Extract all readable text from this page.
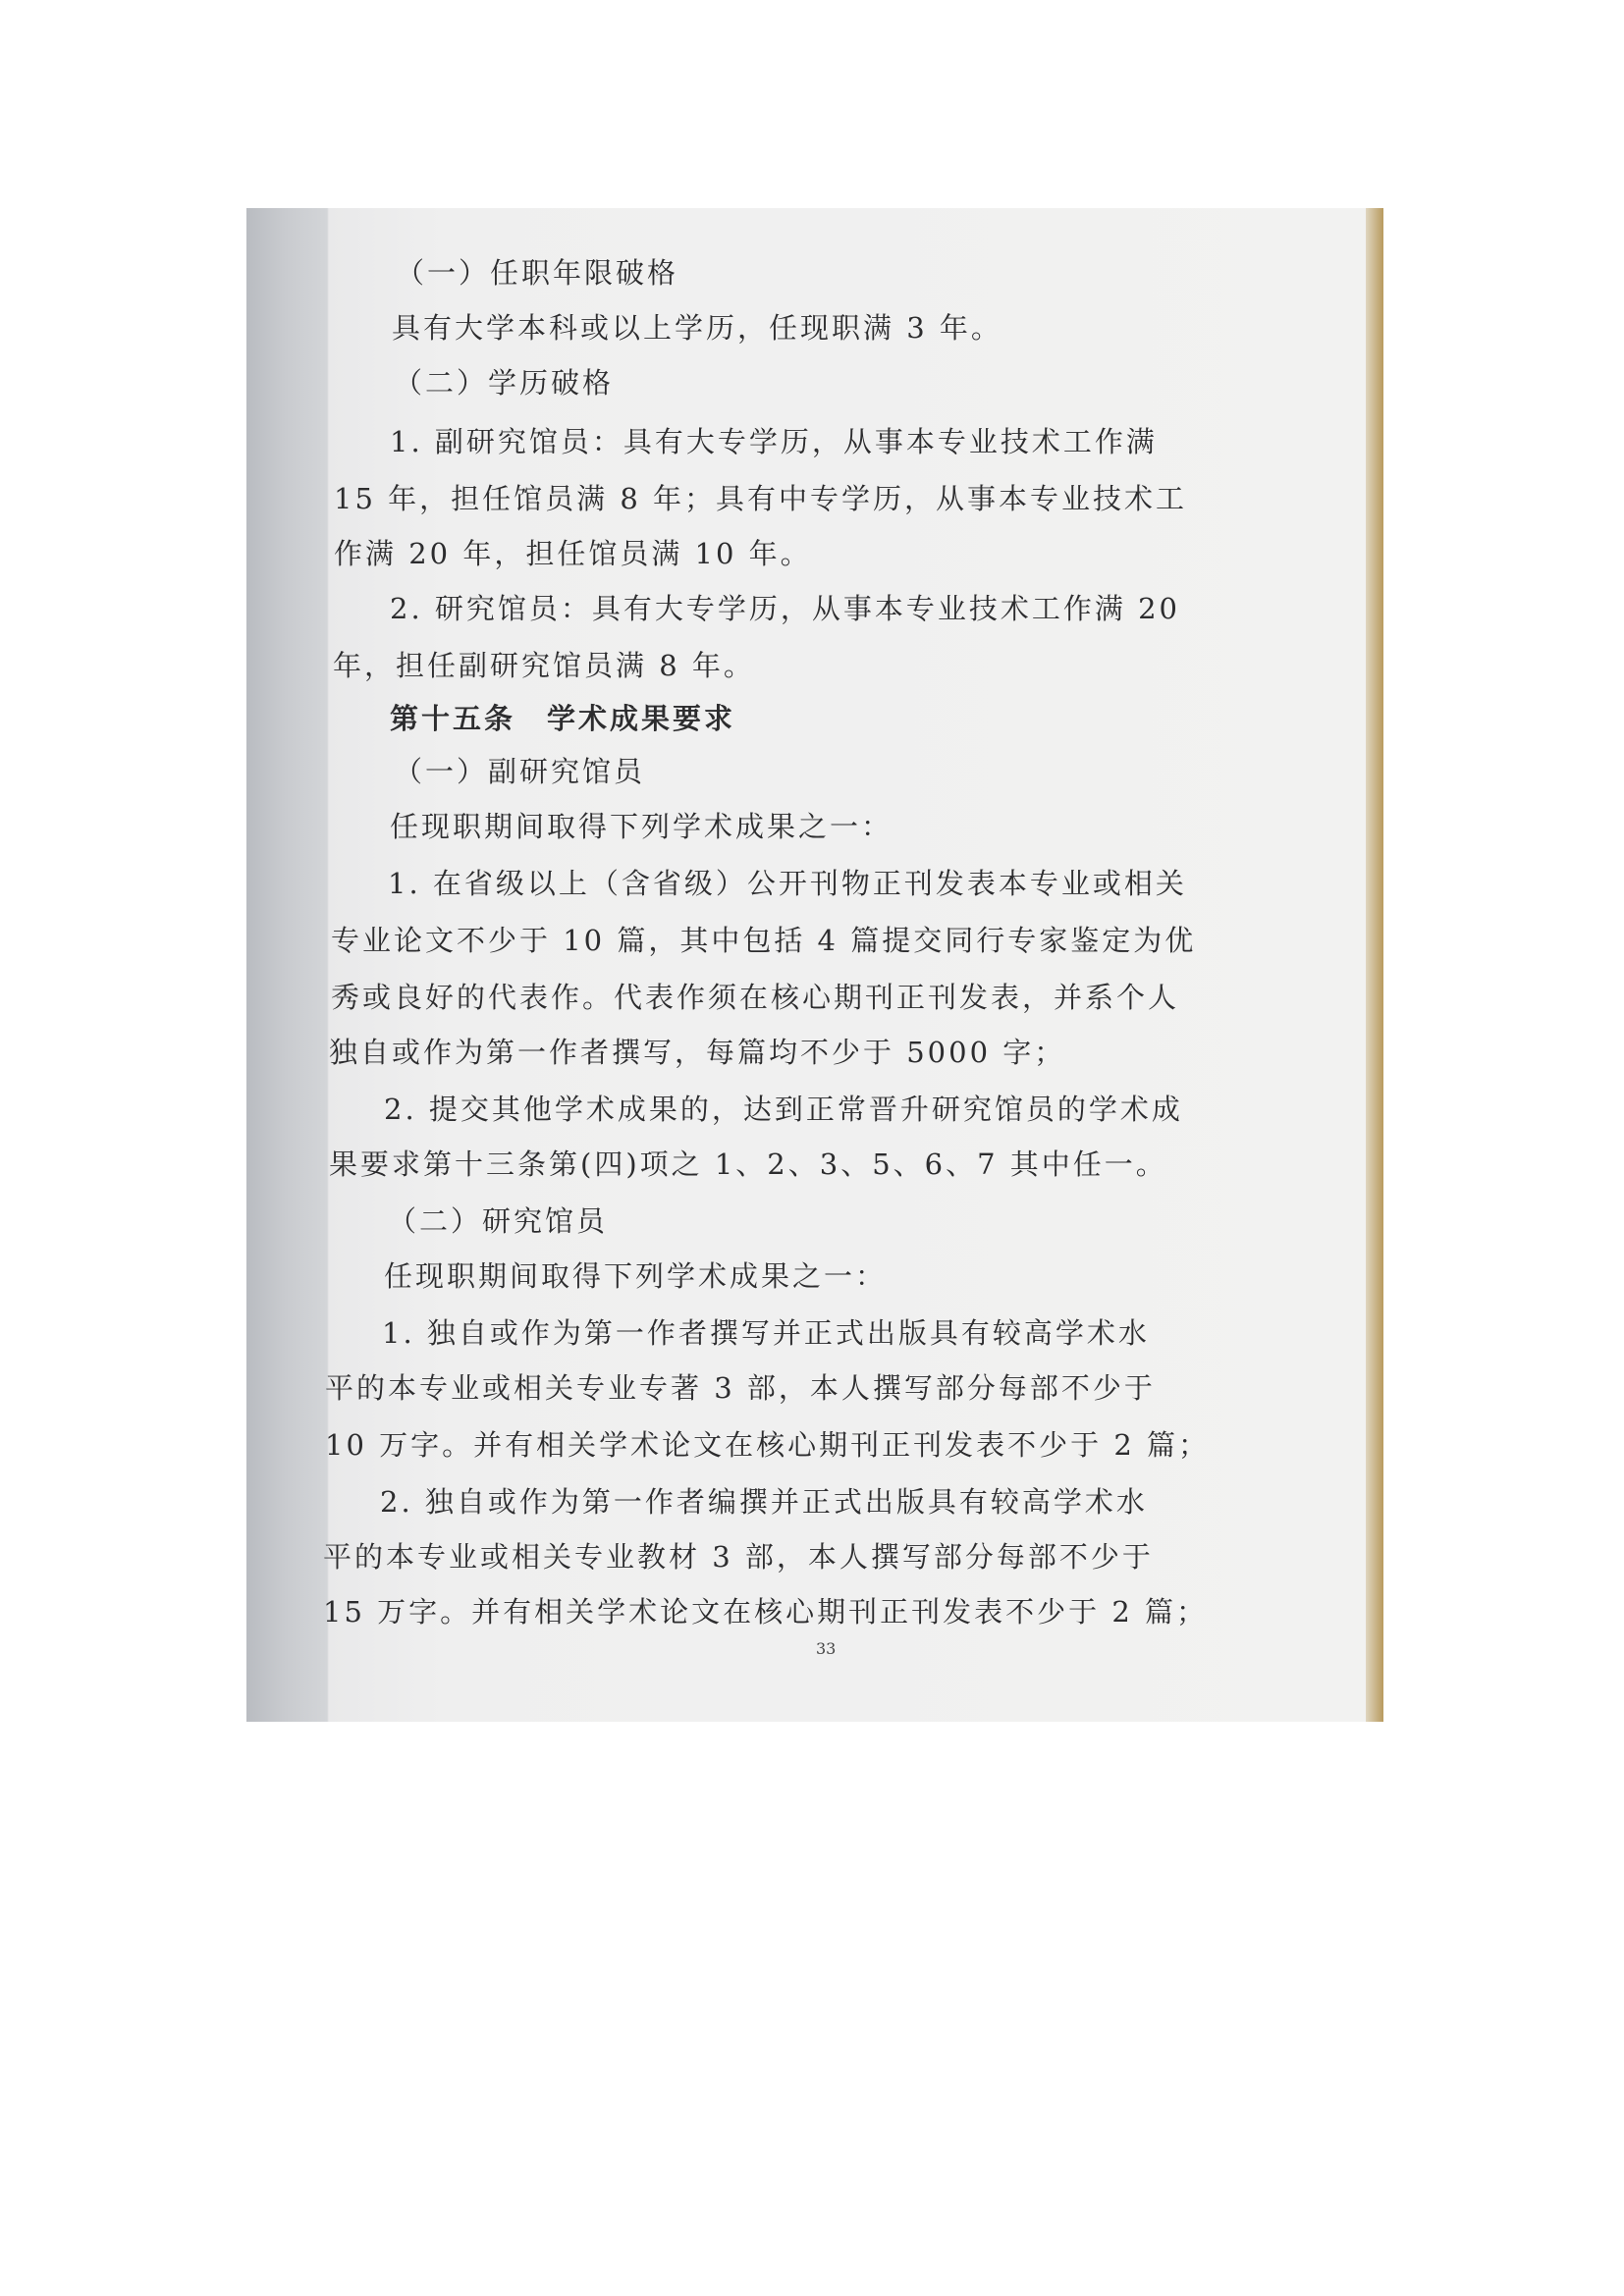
（一）任职年限破格
具有大学本科或以上学历，任现职满 3 年。
（二）学历破格
1. 副研究馆员：具有大专学历，从事本专业技术工作满
15 年，担任馆员满 8 年；具有中专学历，从事本专业技术工
作满 20 年，担任馆员满 10 年。
2. 研究馆员：具有大专学历，从事本专业技术工作满 20
年，担任副研究馆员满 8 年。
第十五条　学术成果要求
（一）副研究馆员
任现职期间取得下列学术成果之一：
1. 在省级以上（含省级）公开刊物正刊发表本专业或相关
专业论文不少于 10 篇，其中包括 4 篇提交同行专家鉴定为优
秀或良好的代表作。代表作须在核心期刊正刊发表，并系个人
独自或作为第一作者撰写，每篇均不少于 5000 字；
2. 提交其他学术成果的，达到正常晋升研究馆员的学术成
果要求第十三条第(四)项之 1、2、3、5、6、7 其中任一。
（二）研究馆员
任现职期间取得下列学术成果之一：
1. 独自或作为第一作者撰写并正式出版具有较高学术水
平的本专业或相关专业专著 3 部，本人撰写部分每部不少于
10 万字。并有相关学术论文在核心期刊正刊发表不少于 2 篇；
2. 独自或作为第一作者编撰并正式出版具有较高学术水
平的本专业或相关专业教材 3 部，本人撰写部分每部不少于
15 万字。并有相关学术论文在核心期刊正刊发表不少于 2 篇；
33
